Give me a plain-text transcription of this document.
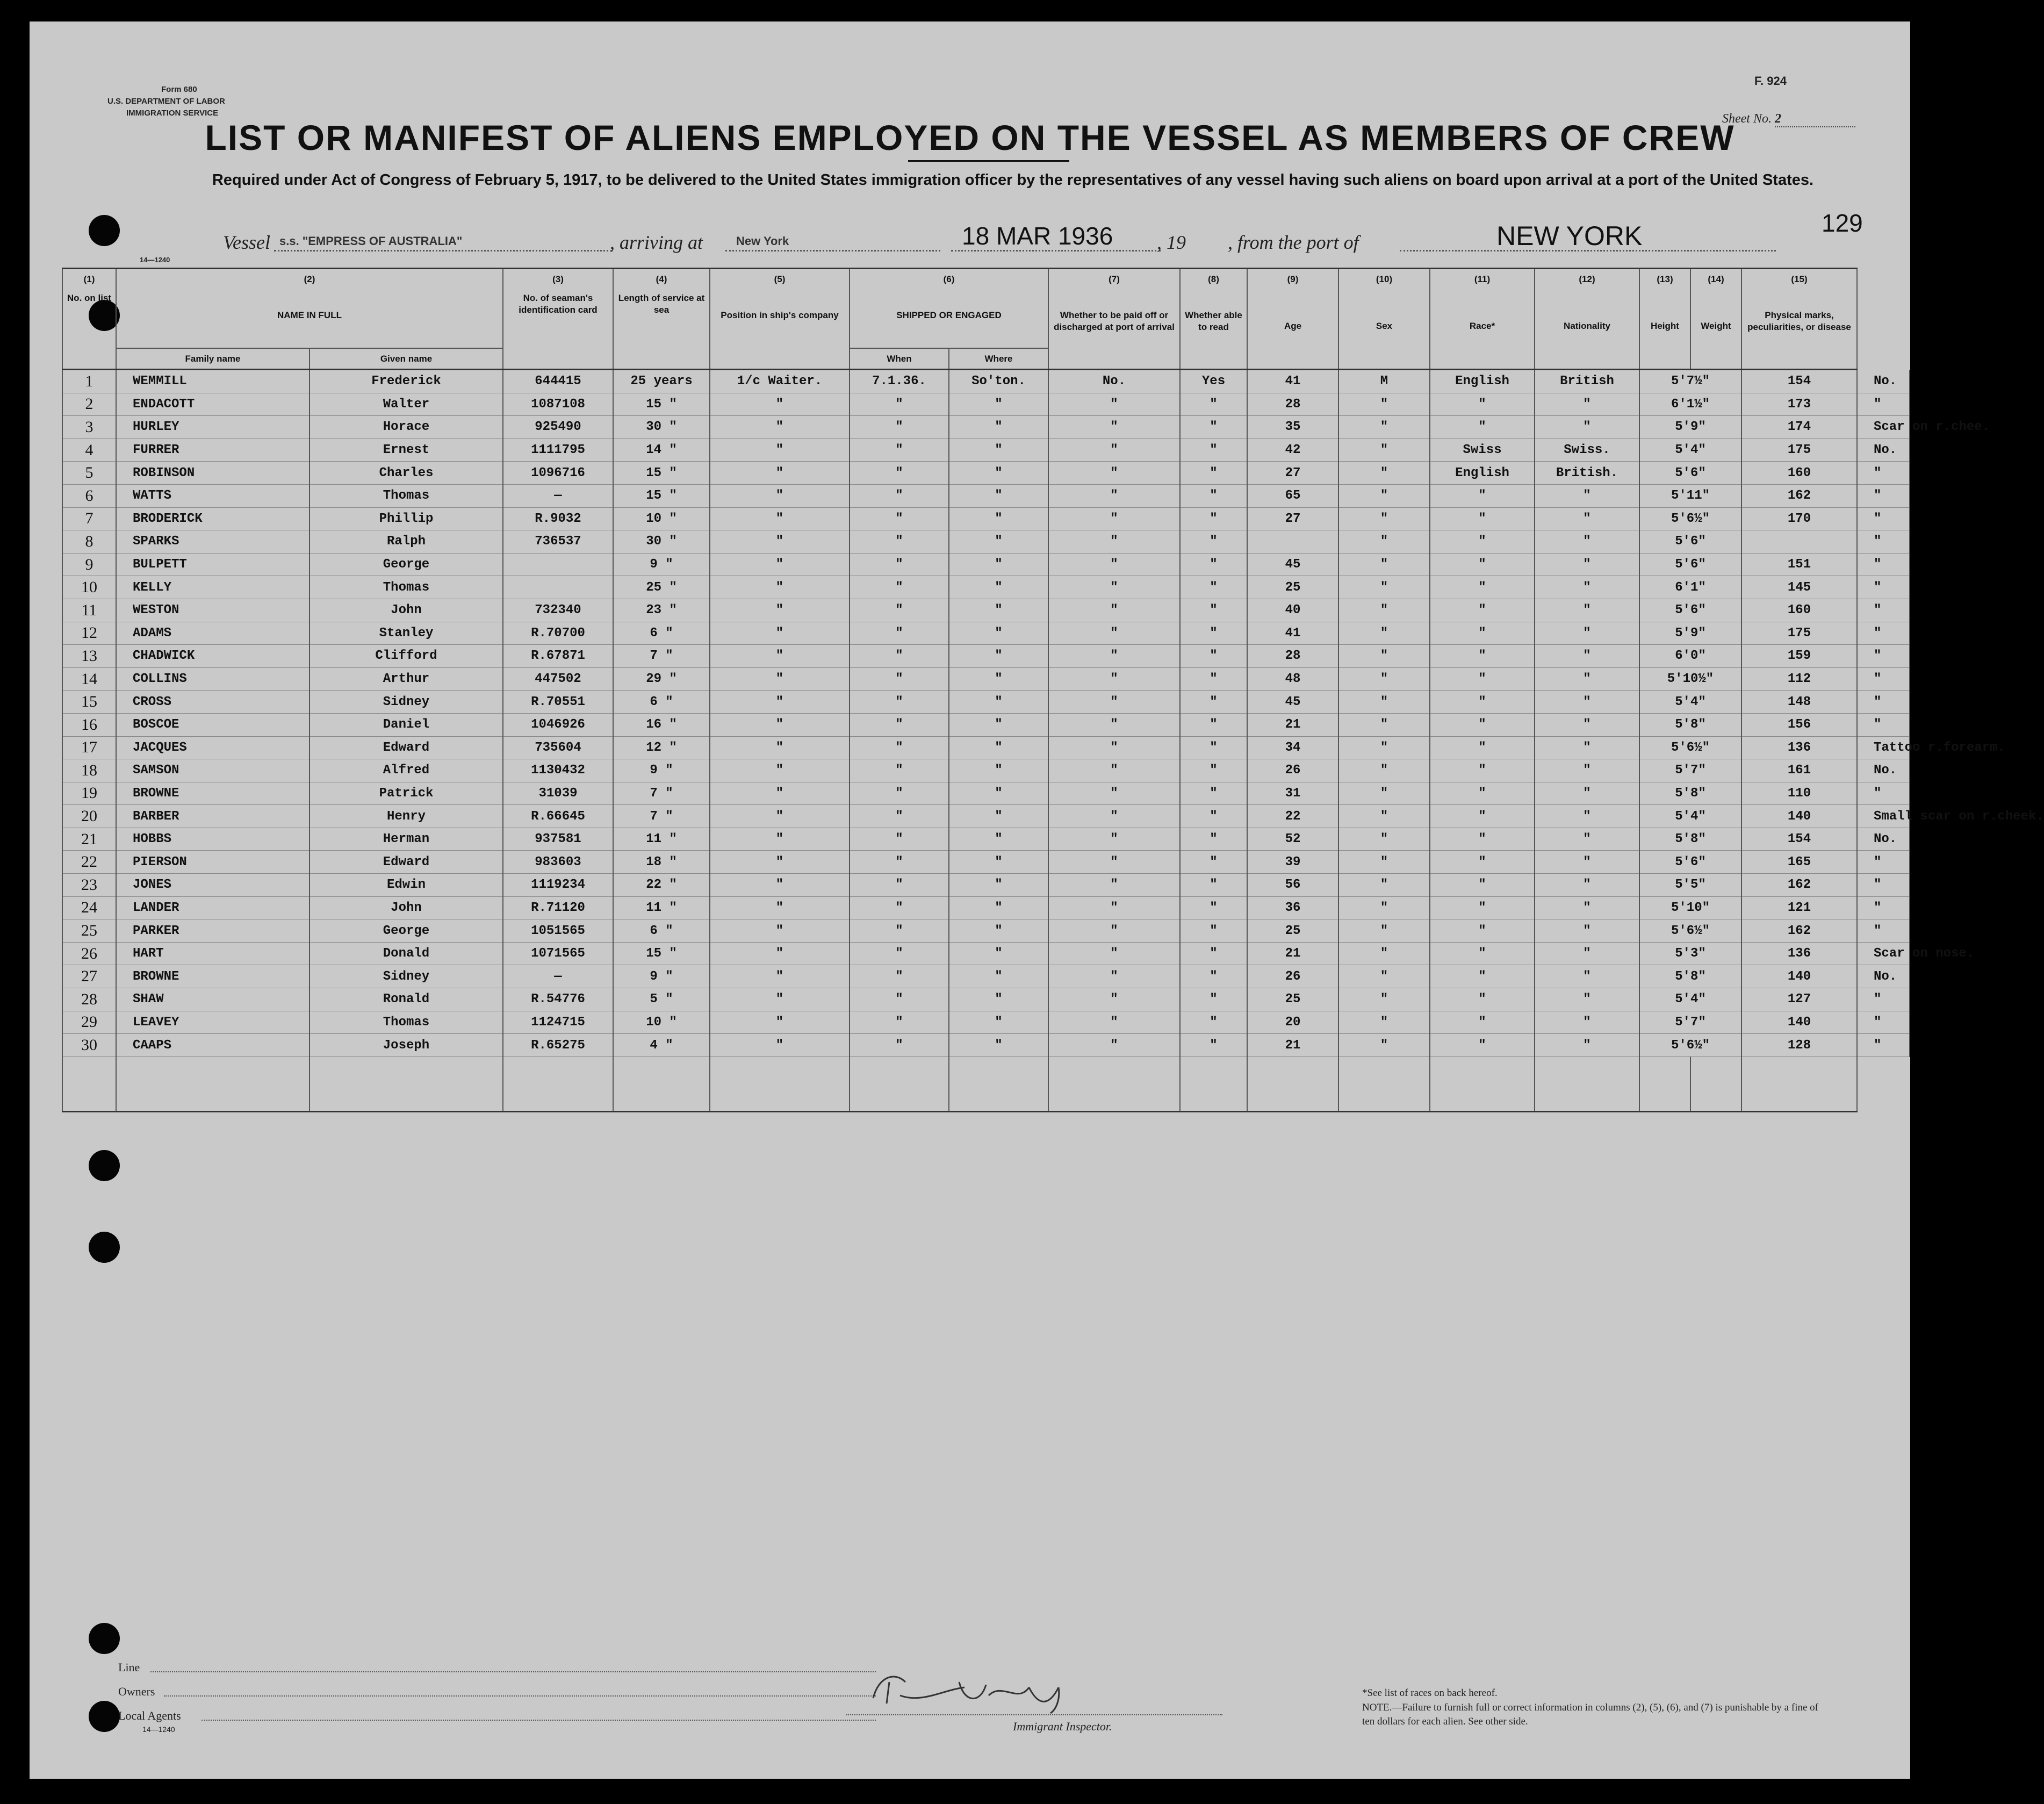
Form 680
U.S. DEPARTMENT OF LABOR
IMMIGRATION SERVICE
F. 924
Sheet No. 2
LIST OR MANIFEST OF ALIENS EMPLOYED ON THE VESSEL AS MEMBERS OF CREW
Required under Act of Congress of February 5, 1917, to be delivered to the United States immigration officer by the representatives of any vessel having such aliens on board upon arrival at a port of the United States.
Vessel s.s. "EMPRESS OF AUSTRALIA"	, arriving at	New York	18 MAR 1936 , 19 , from the port of	NEW YORK	129
14—1240
(1)	(2)		(3)	(4)	(5)	(6)		(7)	(8)	(9)	(10)	(11)	(12)	(13)	(14)	(15)	
No. on list	NAME IN FULL		No. of seaman's identification card	Length of service at sea	Position in ship's company	SHIPPED OR ENGAGED		Whether to be paid off or discharged at port of arrival	Whether able to read	Age	Sex	Race*	Nationality	Height	Weight	Physical marks, peculiarities, or disease	
	Family name	Given name				When	Where										
1	WEMMILL	Frederick	644415	25 years	1/c Waiter.	7.1.36.	So'ton.	No.	Yes	41	M	English	British	5'7½"		154	No.
2	ENDACOTT	Walter	1087108	15 "	"	"	"	"	"	28	"	"	"	6'1½"		173	"
3	HURLEY	Horace	925490	30 "	"	"	"	"	"	35	"	"	"	5'9"		174	Scar on r.chee.
4	FURRER	Ernest	1111795	14 "	"	"	"	"	"	42	"	Swiss	Swiss.	5'4"		175	No.
5	ROBINSON	Charles	1096716	15 "	"	"	"	"	"	27	"	English	British.	5'6"		160	"
6	WATTS	Thomas	—	15 "	"	"	"	"	"	65	"	"	"	5'11"		162	"
7	BRODERICK	Phillip	R.9032	10 "	"	"	"	"	"	27	"	"	"	5'6½"		170	"
8	SPARKS	Ralph	736537	30 "	"	"	"	"	"		"	"	"	5'6"			"
9	BULPETT	George		9 "	"	"	"	"	"	45	"	"	"	5'6"		151	"
10	KELLY	Thomas		25 "	"	"	"	"	"	25	"	"	"	6'1"		145	"
11	WESTON	John	732340	23 "	"	"	"	"	"	40	"	"	"	5'6"		160	"
12	ADAMS	Stanley	R.70700	6 "	"	"	"	"	"	41	"	"	"	5'9"		175	"
13	CHADWICK	Clifford	R.67871	7 "	"	"	"	"	"	28	"	"	"	6'0"		159	"
14	COLLINS	Arthur	447502	29 "	"	"	"	"	"	48	"	"	"	5'10½"		112	"
15	CROSS	Sidney	R.70551	6 "	"	"	"	"	"	45	"	"	"	5'4"		148	"
16	BOSCOE	Daniel	1046926	16 "	"	"	"	"	"	21	"	"	"	5'8"		156	"
17	JACQUES	Edward	735604	12 "	"	"	"	"	"	34	"	"	"	5'6½"		136	Tattoo r.forearm.
18	SAMSON	Alfred	1130432	9 "	"	"	"	"	"	26	"	"	"	5'7"		161	No.
19	BROWNE	Patrick	31039	7 "	"	"	"	"	"	31	"	"	"	5'8"		110	"
20	BARBER	Henry	R.66645	7 "	"	"	"	"	"	22	"	"	"	5'4"		140	Small scar on r.cheek.
21	HOBBS	Herman	937581	11 "	"	"	"	"	"	52	"	"	"	5'8"		154	No.
22	PIERSON	Edward	983603	18 "	"	"	"	"	"	39	"	"	"	5'6"		165	"
23	JONES	Edwin	1119234	22 "	"	"	"	"	"	56	"	"	"	5'5"		162	"
24	LANDER	John	R.71120	11 "	"	"	"	"	"	36	"	"	"	5'10"		121	"
25	PARKER	George	1051565	6 "	"	"	"	"	"	25	"	"	"	5'6½"		162	"
26	HART	Donald	1071565	15 "	"	"	"	"	"	21	"	"	"	5'3"		136	Scar on nose.
27	BROWNE	Sidney	—	9 "	"	"	"	"	"	26	"	"	"	5'8"		140	No.
28	SHAW	Ronald	R.54776	5 "	"	"	"	"	"	25	"	"	"	5'4"		127	"
29	LEAVEY	Thomas	1124715	10 "	"	"	"	"	"	20	"	"	"	5'7"		140	"
30	CAAPS	Joseph	R.65275	4 "	"	"	"	"	"	21	"	"	"	5'6½"		128	"

Line
Owners
Local Agents
14—1240	Immigrant Inspector.
*See list of races on back hereof.
NOTE.—Failure to furnish full or correct information in columns (2), (5), (6), and (7) is punishable by a fine of ten dollars for each alien. See other side.
